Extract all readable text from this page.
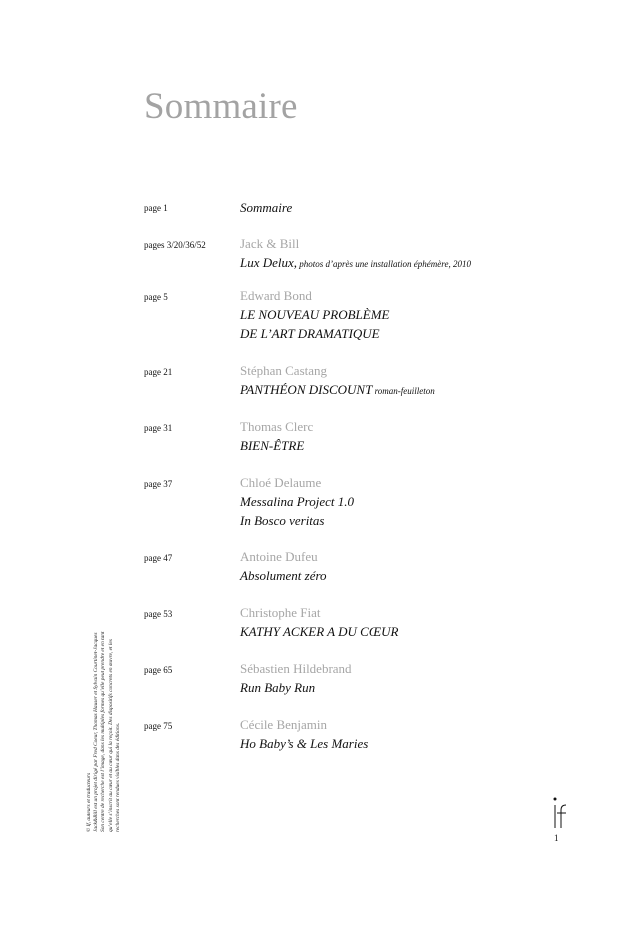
Sommaire
page 1	Sommaire
pages 3/20/36/52	Jack & Bill
Lux Delux, photos d’après une installation éphémère, 2010
page 5	Edward Bond
LE NOUVEAU PROBLÈME
DE L’ART DRAMATIQUE
page 21	Stéphan Castang
PANTHÉON DISCOUNT roman-feuilleton
page 31	Thomas Clerc
BIEN-ÊTRE
page 37	Chloé Delaume
Messalina Project 1.0
In Bosco veritas
page 47	Antoine Dufeu
Absolument zéro
page 53	Christophe Fiat
KATHY ACKER A DU CŒUR
page 65	Sébastien Hildebrand
Run Baby Run
page 75	Cécile Benjamin
Ho Baby’s & Les Maries
© If, auteurs et traducteurs Jack&Bill est un projet dirigé par Fred Coeur, Thomas Hauser et Sylvain Courtinet-Jacques Son centre de recherche est l’image, dans les multiples formes qu’elle peut prendre et en tant qu’elle s’inscrit au cœur et au cœur qui la reçoit. Des dispositifs concrets en œuvre, et les recherches sont rendues visibles dans des éditions.
1
